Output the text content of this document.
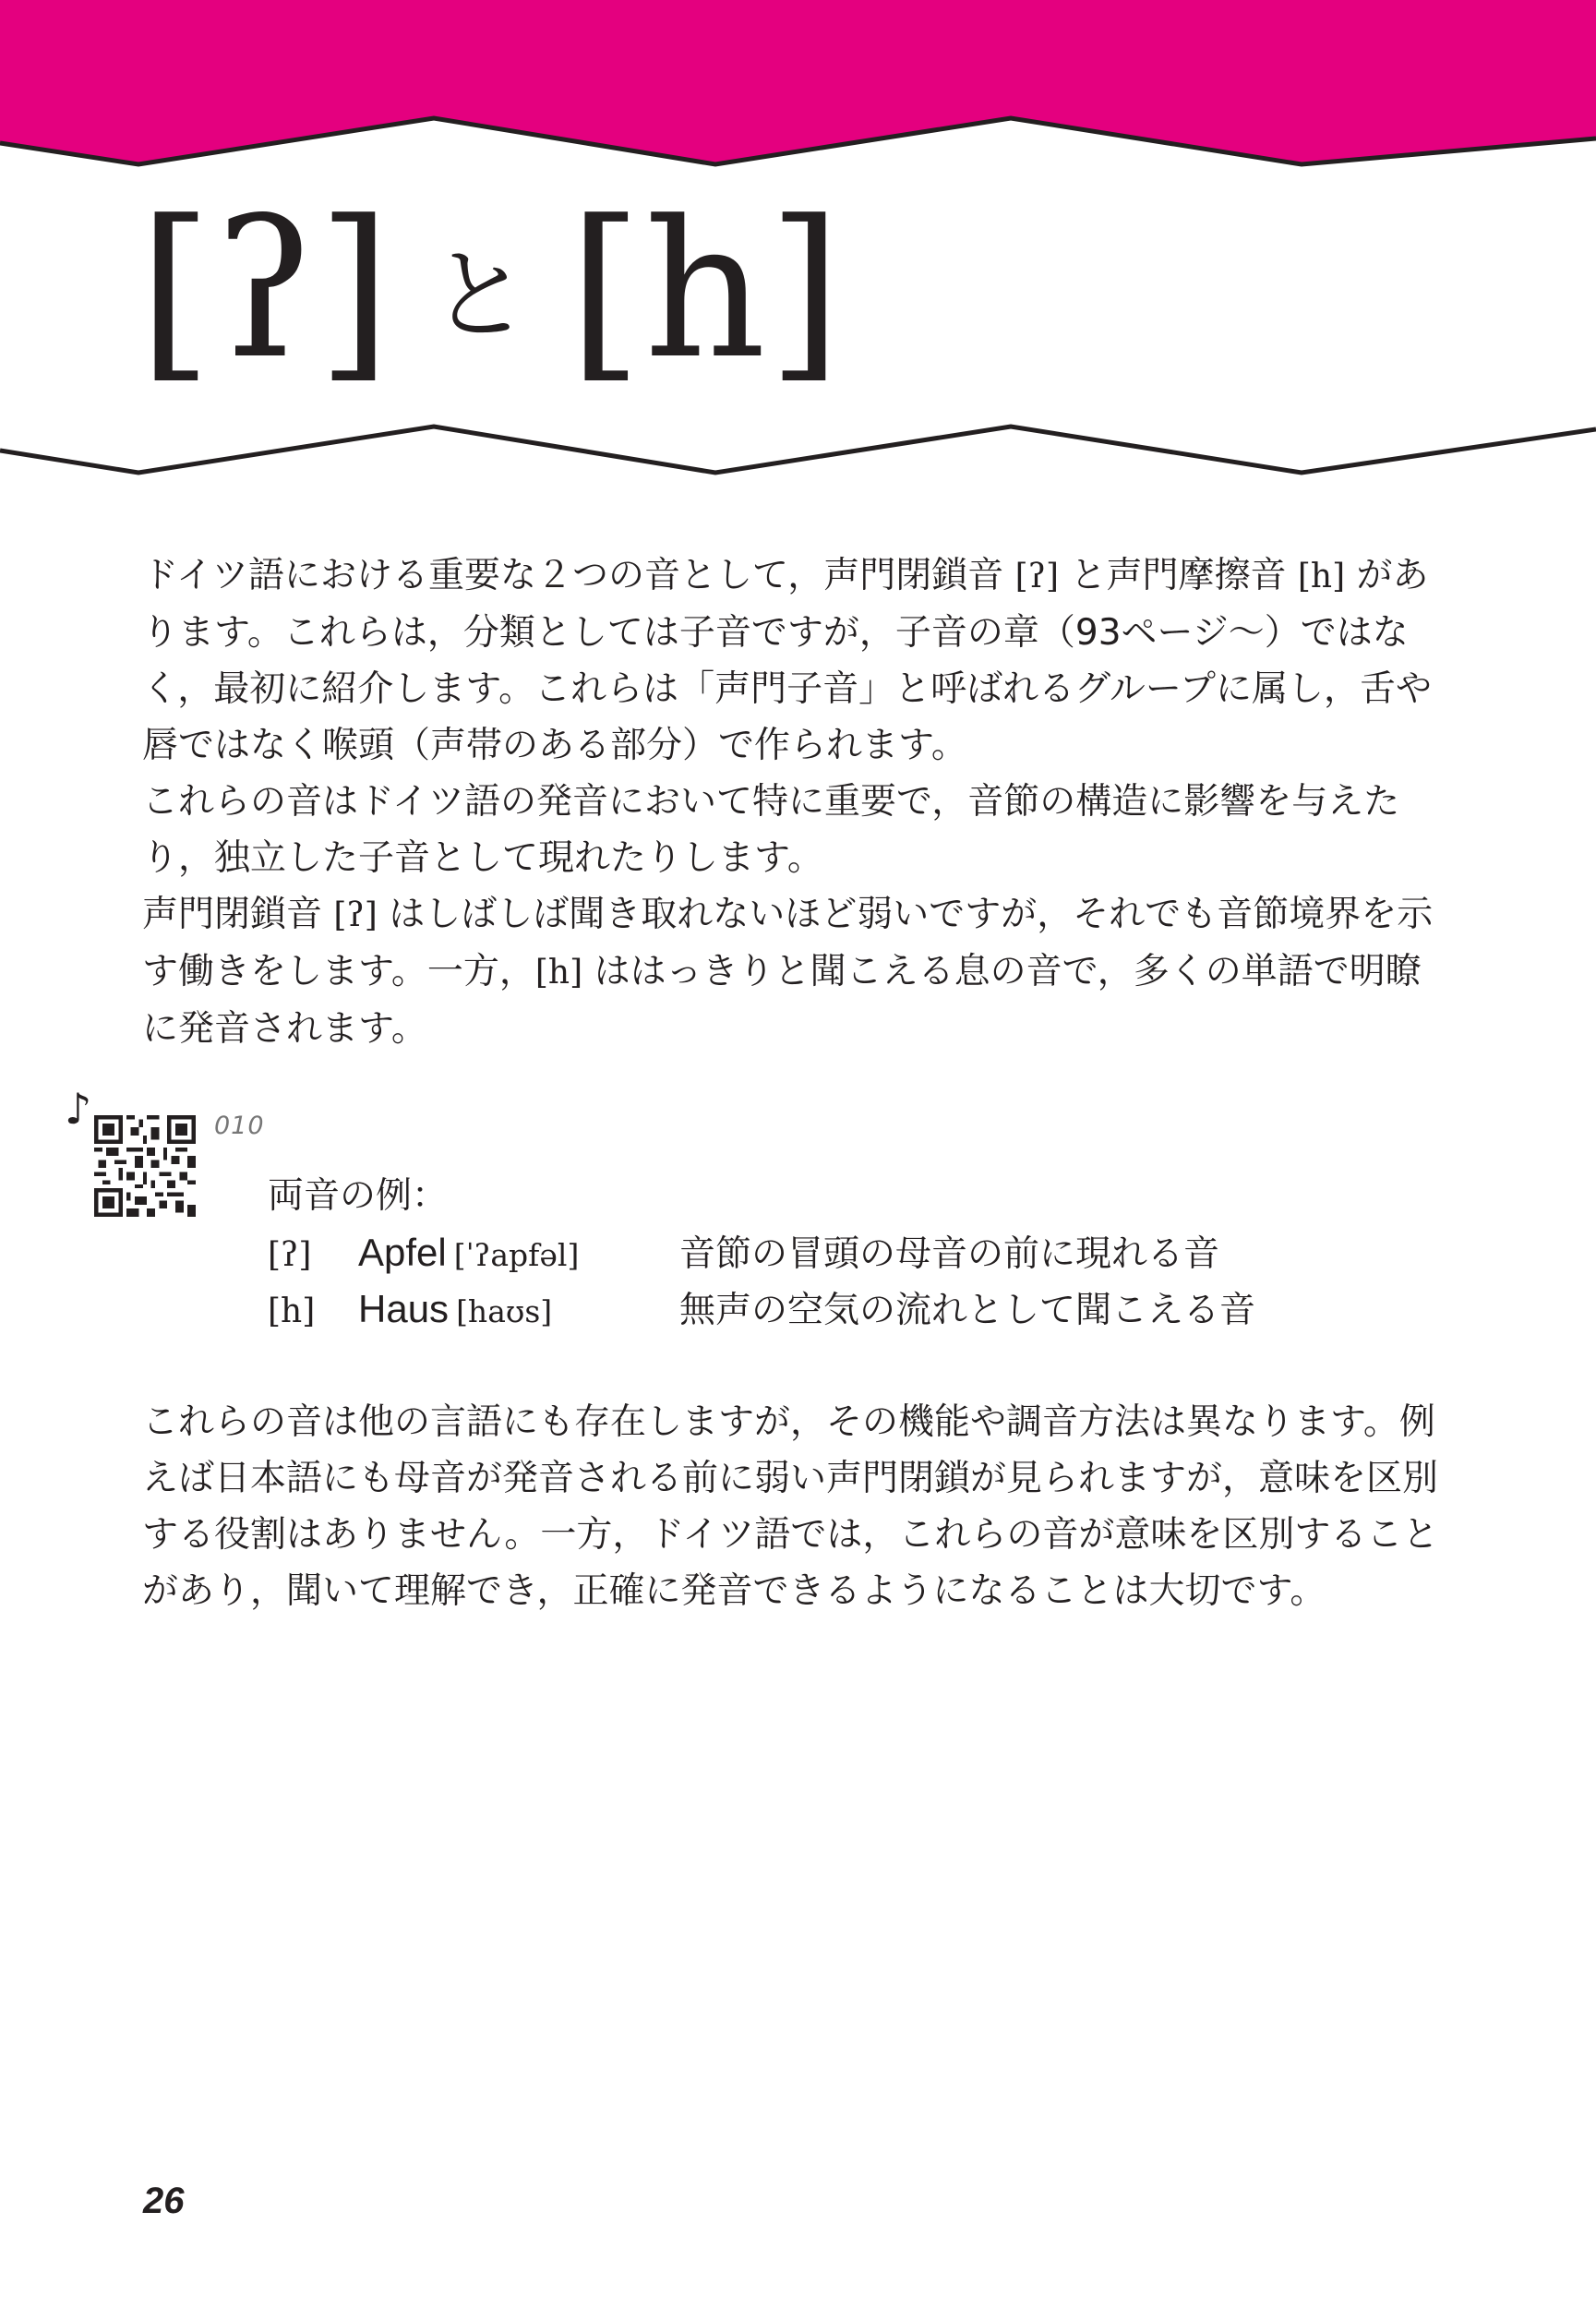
[ʔ] と [h]

ドイツ語における重要な２つの音として，声門閉鎖音 [ʔ] と声門摩擦音 [h] があります。これらは，分類としては子音ですが，子音の章（93ページ〜）ではなく，最初に紹介します。これらは「声門子音」と呼ばれるグループに属し，舌や唇ではなく喉頭（声帯のある部分）で作られます。

これらの音はドイツ語の発音において特に重要で，音節の構造に影響を与えたり，独立した子音として現れたりします。

声門閉鎖音 [ʔ] はしばしば聞き取れないほど弱いですが，それでも音節境界を示す働きをします。一方，[h] ははっきりと聞こえる息の音で，多くの単語で明瞭に発音されます。

♪	010

両音の例：

[ʔ]	Apfel [ˈʔapfəl]	音節の冒頭の母音の前に現れる音
[h]	Haus [haʊs]	無声の空気の流れとして聞こえる音

これらの音は他の言語にも存在しますが，その機能や調音方法は異なります。例えば日本語にも母音が発音される前に弱い声門閉鎖が見られますが，意味を区別する役割はありません。一方，ドイツ語では，これらの音が意味を区別することがあり，聞いて理解でき，正確に発音できるようになることは大切です。

26
